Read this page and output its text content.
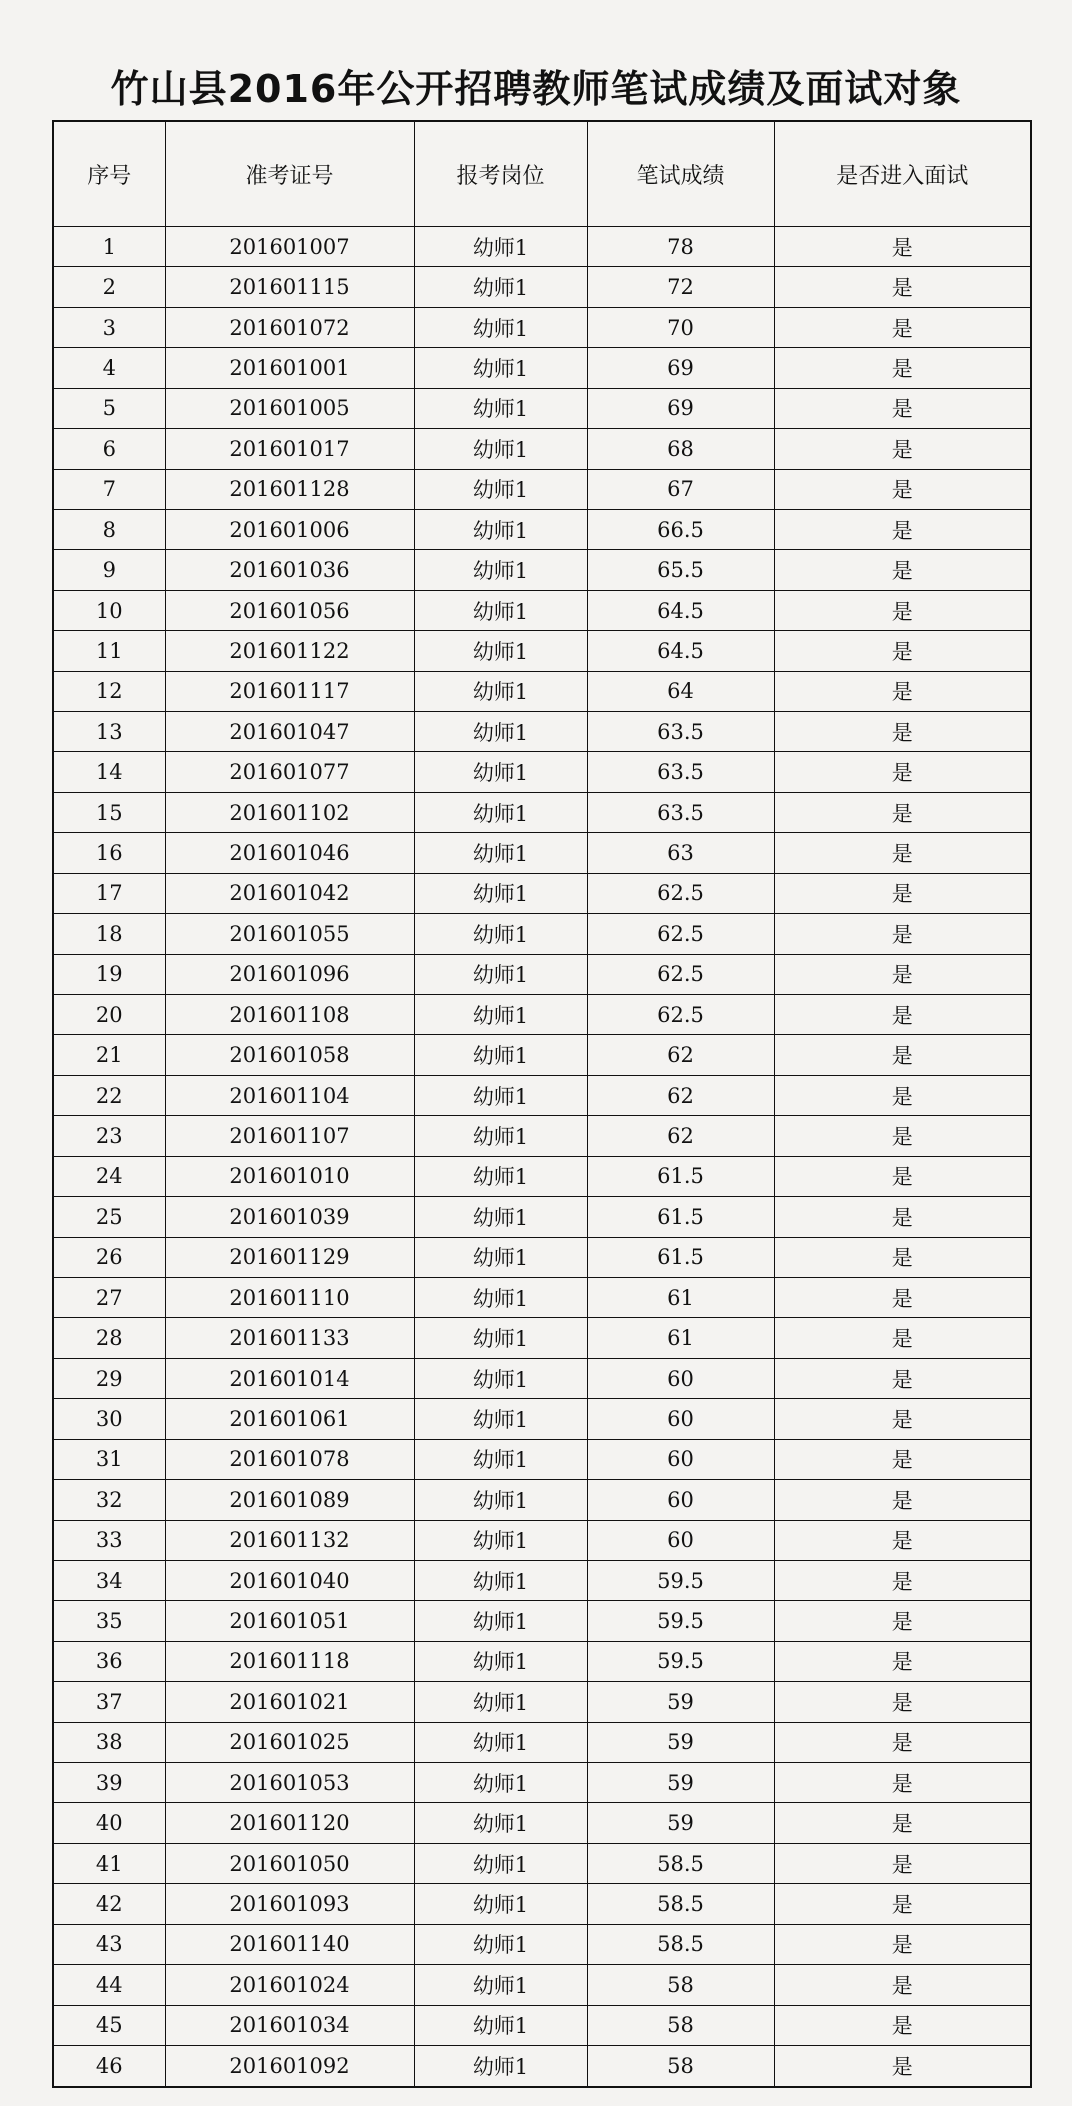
竹山县2016年公开招聘教师笔试成绩及面试对象
序号	准考证号	报考岗位	笔试成绩	是否进入面试
1	201601007	幼师1	78	是
2	201601115	幼师1	72	是
3	201601072	幼师1	70	是
4	201601001	幼师1	69	是
5	201601005	幼师1	69	是
6	201601017	幼师1	68	是
7	201601128	幼师1	67	是
8	201601006	幼师1	66.5	是
9	201601036	幼师1	65.5	是
10	201601056	幼师1	64.5	是
11	201601122	幼师1	64.5	是
12	201601117	幼师1	64	是
13	201601047	幼师1	63.5	是
14	201601077	幼师1	63.5	是
15	201601102	幼师1	63.5	是
16	201601046	幼师1	63	是
17	201601042	幼师1	62.5	是
18	201601055	幼师1	62.5	是
19	201601096	幼师1	62.5	是
20	201601108	幼师1	62.5	是
21	201601058	幼师1	62	是
22	201601104	幼师1	62	是
23	201601107	幼师1	62	是
24	201601010	幼师1	61.5	是
25	201601039	幼师1	61.5	是
26	201601129	幼师1	61.5	是
27	201601110	幼师1	61	是
28	201601133	幼师1	61	是
29	201601014	幼师1	60	是
30	201601061	幼师1	60	是
31	201601078	幼师1	60	是
32	201601089	幼师1	60	是
33	201601132	幼师1	60	是
34	201601040	幼师1	59.5	是
35	201601051	幼师1	59.5	是
36	201601118	幼师1	59.5	是
37	201601021	幼师1	59	是
38	201601025	幼师1	59	是
39	201601053	幼师1	59	是
40	201601120	幼师1	59	是
41	201601050	幼师1	58.5	是
42	201601093	幼师1	58.5	是
43	201601140	幼师1	58.5	是
44	201601024	幼师1	58	是
45	201601034	幼师1	58	是
46	201601092	幼师1	58	是
